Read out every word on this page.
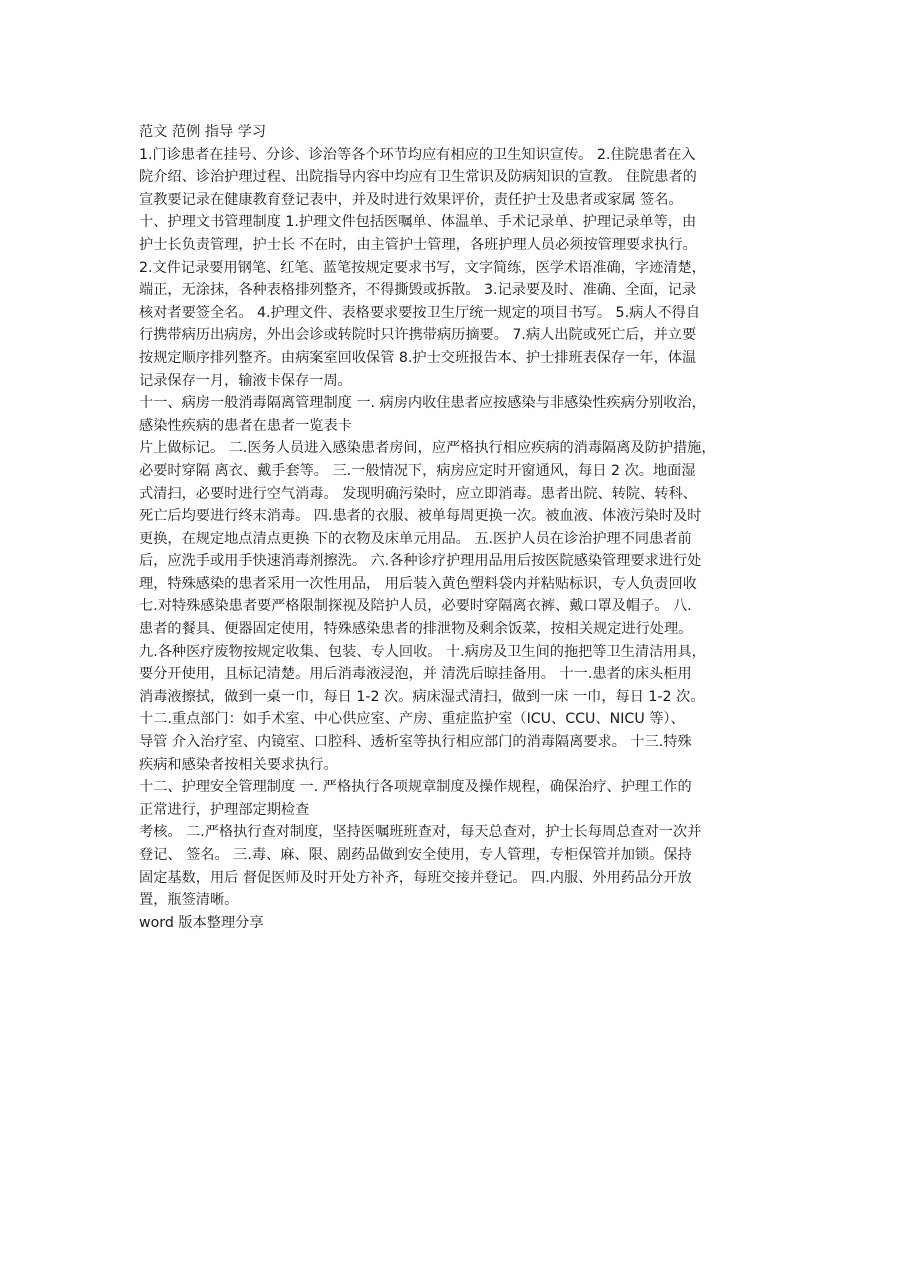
范文 范例 指导 学习
1.门诊患者在挂号、分诊、诊治等各个环节均应有相应的卫生知识宣传。 2.住院患者在入
院介绍、诊治护理过程、出院指导内容中均应有卫生常识及防病知识的宣教。 住院患者的
宣教要记录在健康教育登记表中，并及时进行效果评价，责任护士及患者或家属 签名。
十、护理文书管理制度 1.护理文件包括医嘱单、体温单、手术记录单、护理记录单等，由
护士长负责管理，护士长 不在时，由主管护士管理，各班护理人员必须按管理要求执行。
2.文件记录要用钢笔、红笔、蓝笔按规定要求书写，文字简练，医学术语准确，字迹清楚，
端正，无涂抹，各种表格排列整齐，不得撕毁或拆散。 3.记录要及时、准确、全面，记录
核对者要签全名。 4.护理文件、表格要求要按卫生厅统一规定的项目书写。 5.病人不得自
行携带病历出病房，外出会诊或转院时只许携带病历摘要。 7.病人出院或死亡后，并立要
按规定顺序排列整齐。由病案室回收保管 8.护士交班报告本、护士排班表保存一年，体温
记录保存一月，输液卡保存一周。
十一、病房一般消毒隔离管理制度 一. 病房内收住患者应按感染与非感染性疾病分别收治，
感染性疾病的患者在患者一览表卡
片上做标记。 二.医务人员进入感染患者房间，应严格执行相应疾病的消毒隔离及防护措施，
必要时穿隔 离衣、戴手套等。 三.一般情况下，病房应定时开窗通风，每日 2 次。地面湿
式清扫，必要时进行空气消毒。 发现明确污染时，应立即消毒。患者出院、转院、转科、
死亡后均要进行终末消毒。 四.患者的衣服、被单每周更换一次。被血液、体液污染时及时
更换，在规定地点清点更换 下的衣物及床单元用品。 五.医护人员在诊治护理不同患者前
后，应洗手或用手快速消毒剂擦洗。 六.各种诊疗护理用品用后按医院感染管理要求进行处
理，特殊感染的患者采用一次性用品， 用后装入黄色塑料袋内并粘贴标识，专人负责回收
七.对特殊感染患者要严格限制探视及陪护人员，必要时穿隔离衣裤、戴口罩及帽子。 八.
患者的餐具、便器固定使用，特殊感染患者的排泄物及剩余饭菜，按相关规定进行处理。
九.各种医疗废物按规定收集、包装、专人回收。 十.病房及卫生间的拖把等卫生清洁用具，
要分开使用，且标记清楚。用后消毒液浸泡，并 清洗后晾挂备用。 十一.患者的床头柜用
消毒液擦拭，做到一桌一巾，每日 1-2 次。病床湿式清扫，做到一床 一巾，每日 1-2 次。
十二.重点部门：如手术室、中心供应室、产房、重症监护室（ICU、CCU、NICU 等）、
导管 介入治疗室、内镜室、口腔科、透析室等执行相应部门的消毒隔离要求。 十三.特殊
疾病和感染者按相关要求执行。
十二、护理安全管理制度 一. 严格执行各项规章制度及操作规程，确保治疗、护理工作的
正常进行，护理部定期检查
考核。 二.严格执行查对制度，坚持医嘱班班查对，每天总查对，护士长每周总查对一次并
登记、 签名。 三.毒、麻、限、剧药品做到安全使用，专人管理，专柜保管并加锁。保持
固定基数，用后 督促医师及时开处方补齐，每班交接并登记。 四.内服、外用药品分开放
置，瓶签清晰。
word 版本整理分享
